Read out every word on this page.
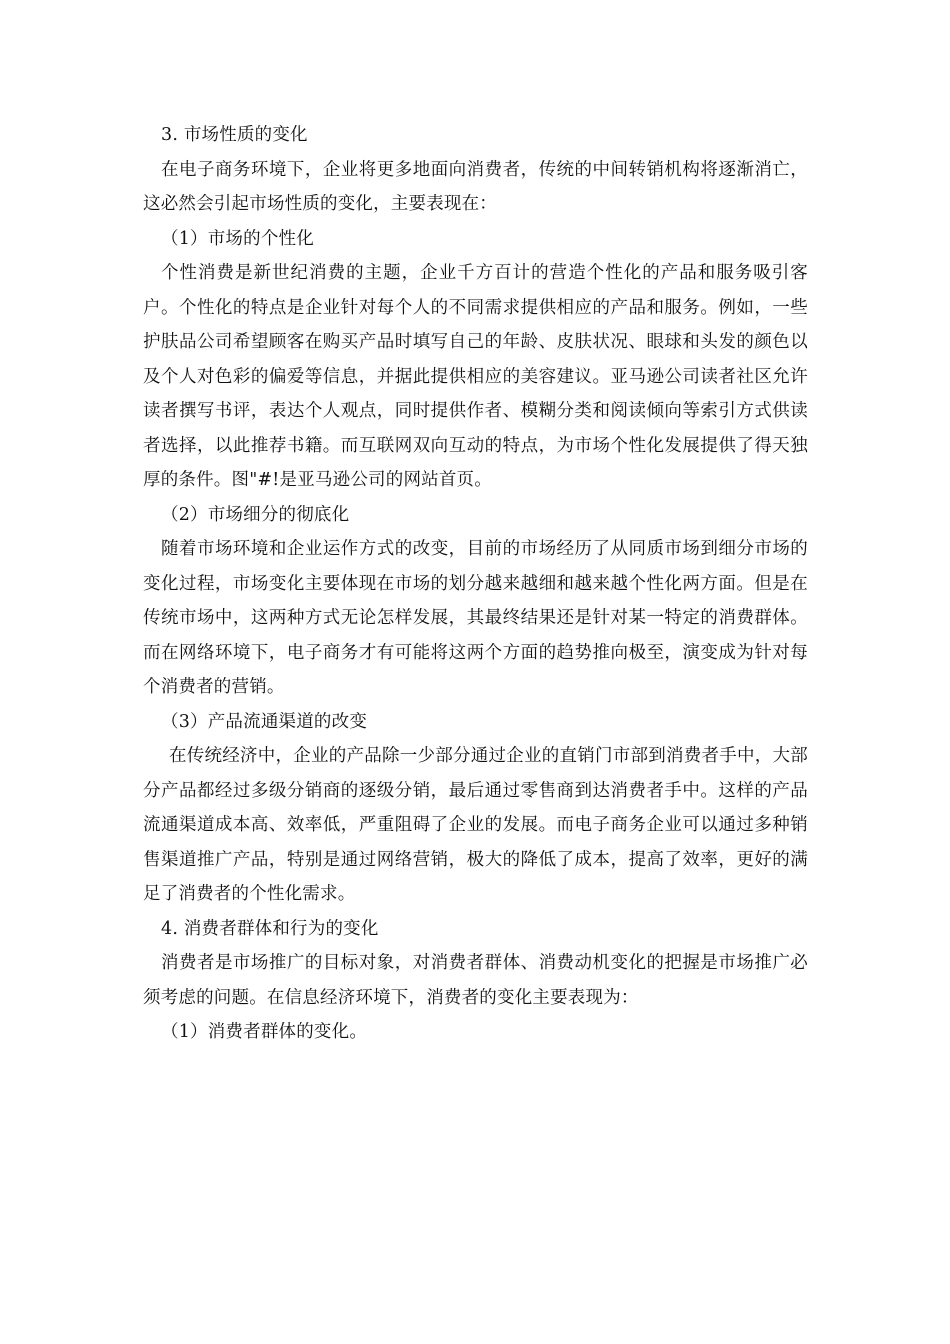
3. 市场性质的变化

在电子商务环境下，企业将更多地面向消费者，传统的中间转销机构将逐渐消亡，这必然会引起市场性质的变化，主要表现在：

（1）市场的个性化

个性消费是新世纪消费的主题，企业千方百计的营造个性化的产品和服务吸引客户。个性化的特点是企业针对每个人的不同需求提供相应的产品和服务。例如，一些护肤品公司希望顾客在购买产品时填写自己的年龄、皮肤状况、眼球和头发的颜色以及个人对色彩的偏爱等信息，并据此提供相应的美容建议。亚马逊公司读者社区允许读者撰写书评，表达个人观点，同时提供作者、模糊分类和阅读倾向等索引方式供读者选择，以此推荐书籍。而互联网双向互动的特点，为市场个性化发展提供了得天独厚的条件。图"#!是亚马逊公司的网站首页。

（2）市场细分的彻底化

随着市场环境和企业运作方式的改变，目前的市场经历了从同质市场到细分市场的变化过程，市场变化主要体现在市场的划分越来越细和越来越个性化两方面。但是在传统市场中，这两种方式无论怎样发展，其最终结果还是针对某一特定的消费群体。而在网络环境下，电子商务才有可能将这两个方面的趋势推向极至，演变成为针对每个消费者的营销。

（3）产品流通渠道的改变

在传统经济中，企业的产品除一少部分通过企业的直销门市部到消费者手中，大部分产品都经过多级分销商的逐级分销，最后通过零售商到达消费者手中。这样的产品流通渠道成本高、效率低，严重阻碍了企业的发展。而电子商务企业可以通过多种销售渠道推广产品，特别是通过网络营销，极大的降低了成本，提高了效率，更好的满足了消费者的个性化需求。

4. 消费者群体和行为的变化

消费者是市场推广的目标对象，对消费者群体、消费动机变化的把握是市场推广必须考虑的问题。在信息经济环境下，消费者的变化主要表现为：

（1）消费者群体的变化。
